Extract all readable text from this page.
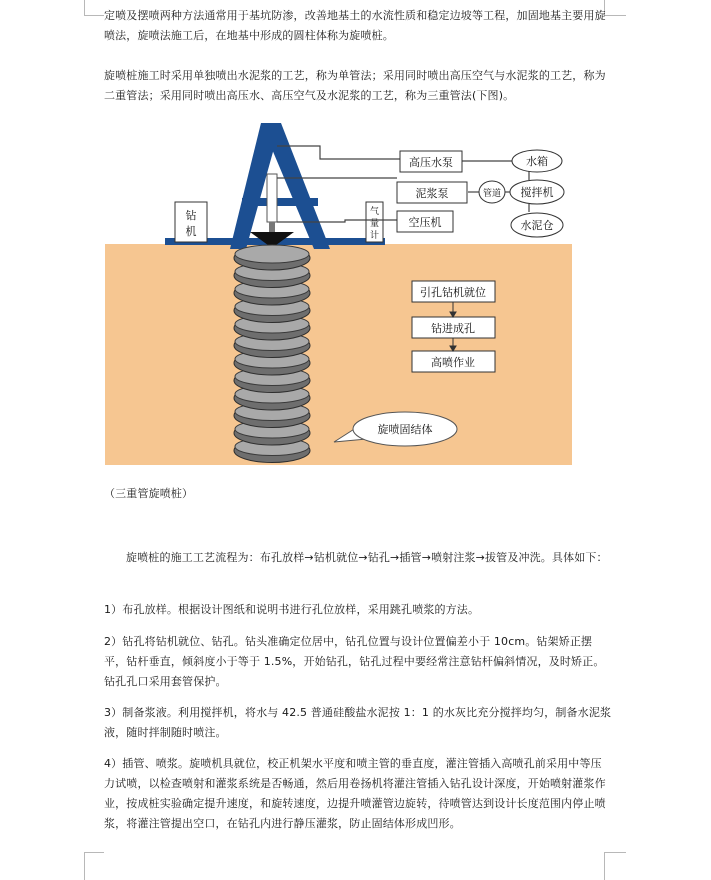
定喷及摆喷两种方法通常用于基坑防渗，改善地基土的水流性质和稳定边坡等工程，加固地基主要用旋喷法，旋喷法施工后，在地基中形成的圆柱体称为旋喷桩。

旋喷桩施工时采用单独喷出水泥浆的工艺，称为单管法；采用同时喷出高压空气与水泥浆的工艺，称为二重管法；采用同时喷出高压水、高压空气及水泥浆的工艺，称为三重管法(下图)。

钻
机
气
量
计
高压水泵
泥浆泵
空压机
水箱
管道 搅拌机
水泥仓
引孔钻机就位
钻进成孔
高喷作业
旋喷固结体

（三重管旋喷桩）

旋喷桩的施工工艺流程为：布孔放样→钻机就位→钻孔→插管→喷射注浆→拔管及冲洗。具体如下：

1）布孔放样。根据设计图纸和说明书进行孔位放样，采用跳孔喷浆的方法。

2）钻孔将钻机就位、钻孔。钻头准确定位居中，钻孔位置与设计位置偏差小于 10cm。钻架矫正摆平，钻杆垂直，倾斜度小于等于 1.5%，开始钻孔，钻孔过程中要经常注意钻杆偏斜情况，及时矫正。钻孔孔口采用套管保护。

3）制备浆液。利用搅拌机，将水与 42.5 普通硅酸盐水泥按 1：1 的水灰比充分搅拌均匀，制备水泥浆液，随时拌制随时喷注。

4）插管、喷浆。旋喷机具就位，校正机架水平度和喷主管的垂直度，灌注管插入高喷孔前采用中等压力试喷，以检查喷射和灌浆系统是否畅通，然后用卷扬机将灌注管插入钻孔设计深度，开始喷射灌浆作业，按成桩实验确定提升速度，和旋转速度，边提升喷灌管边旋转，待喷管达到设计长度范围内停止喷浆，将灌注管提出空口，在钻孔内进行静压灌浆，防止固结体形成凹形。
